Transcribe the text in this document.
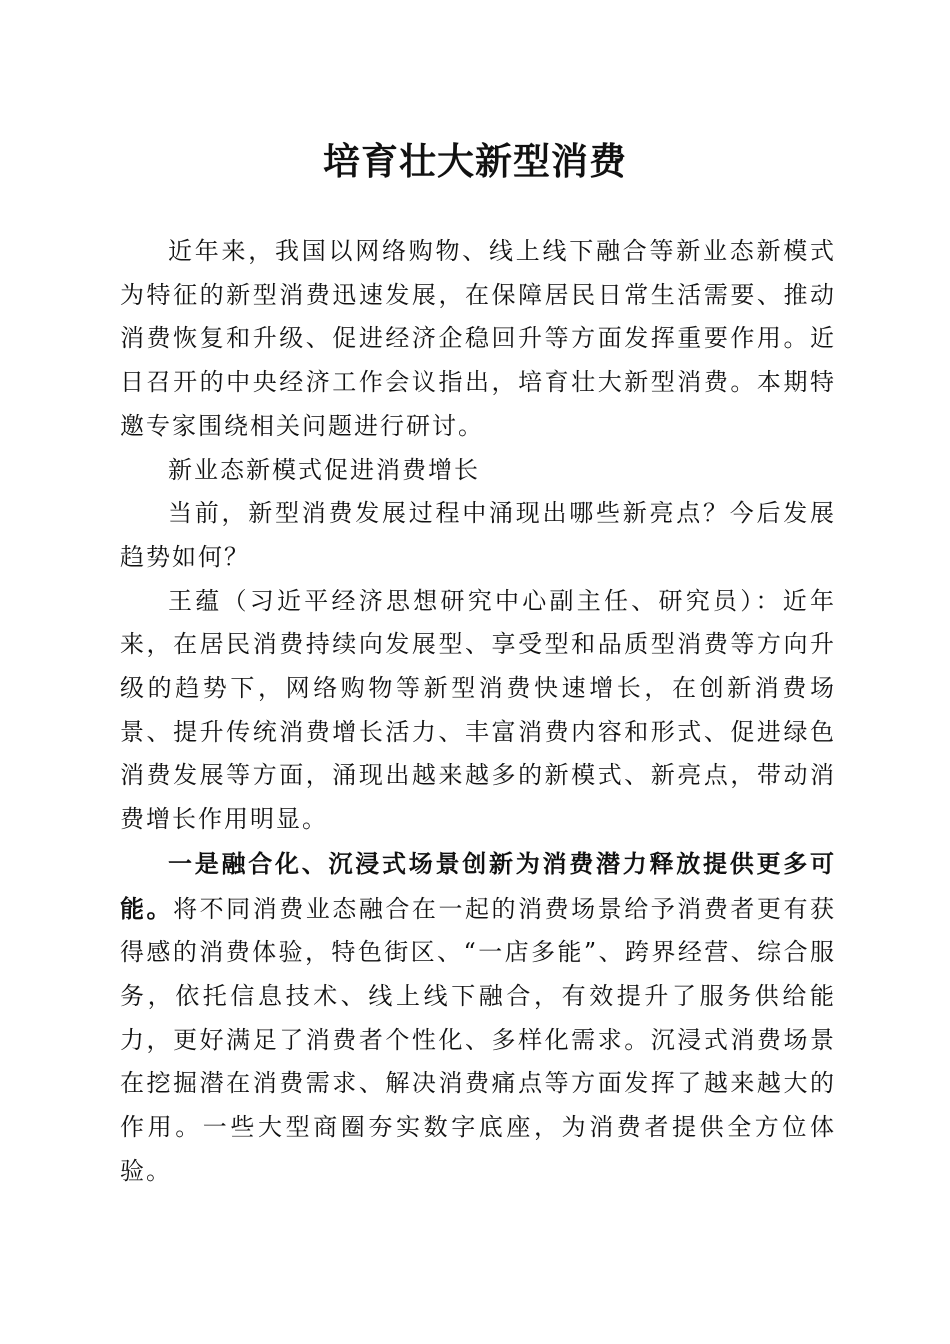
培育壮大新型消费

近年来，我国以网络购物、线上线下融合等新业态新模式为特征的新型消费迅速发展，在保障居民日常生活需要、推动消费恢复和升级、促进经济企稳回升等方面发挥重要作用。近日召开的中央经济工作会议指出，培育壮大新型消费。本期特邀专家围绕相关问题进行研讨。

新业态新模式促进消费增长

当前，新型消费发展过程中涌现出哪些新亮点？今后发展趋势如何？

王蕴（习近平经济思想研究中心副主任、研究员）：近年来，在居民消费持续向发展型、享受型和品质型消费等方向升级的趋势下，网络购物等新型消费快速增长，在创新消费场景、提升传统消费增长活力、丰富消费内容和形式、促进绿色消费发展等方面，涌现出越来越多的新模式、新亮点，带动消费增长作用明显。

一是融合化、沉浸式场景创新为消费潜力释放提供更多可能。将不同消费业态融合在一起的消费场景给予消费者更有获得感的消费体验，特色街区、“一店多能”、跨界经营、综合服务，依托信息技术、线上线下融合，有效提升了服务供给能力，更好满足了消费者个性化、多样化需求。沉浸式消费场景在挖掘潜在消费需求、解决消费痛点等方面发挥了越来越大的作用。一些大型商圈夯实数字底座，为消费者提供全方位体验。
